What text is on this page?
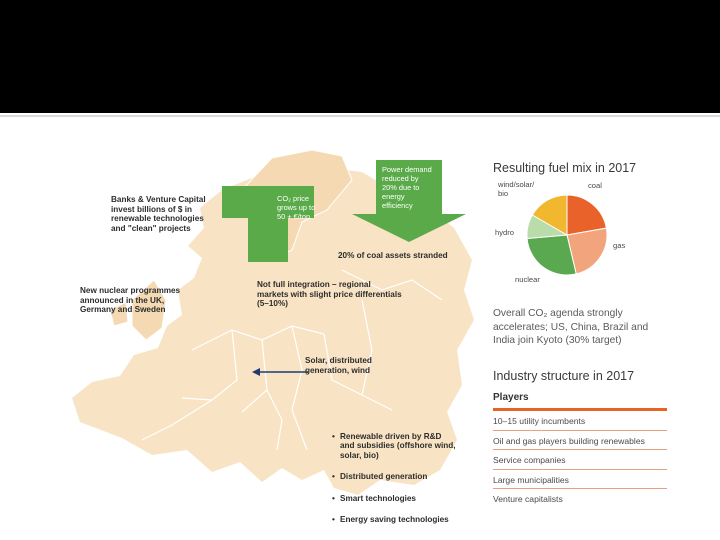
Banks & Venture Capital
invest billions of $ in
renewable technologies
and "clean" projects
CO₂ price
grows up to
50 + €/ton
Power demand
reduced by
20% due to
energy
efficiency
20% of coal assets stranded
New nuclear programmes
announced in the UK,
Germany and Sweden
Not full integration – regional
markets with slight price differentials
(5–10%)
Solar, distributed
generation, wind

• Renewable driven by R&D
and subsidies (offshore wind,
solar, bio)

• Distributed generation

• Smart technologies

• Energy saving technologies

Resulting fuel mix in 2017
wind/solar/
bio
coal
hydro
gas
nuclear
Overall CO₂ agenda strongly
accelerates; US, China, Brazil and
India join Kyoto (30% target)
Industry structure in 2017
Players
10–15 utility incumbents
Oil and gas players building renewables
Service companies
Large municipalities
Venture capitalists
